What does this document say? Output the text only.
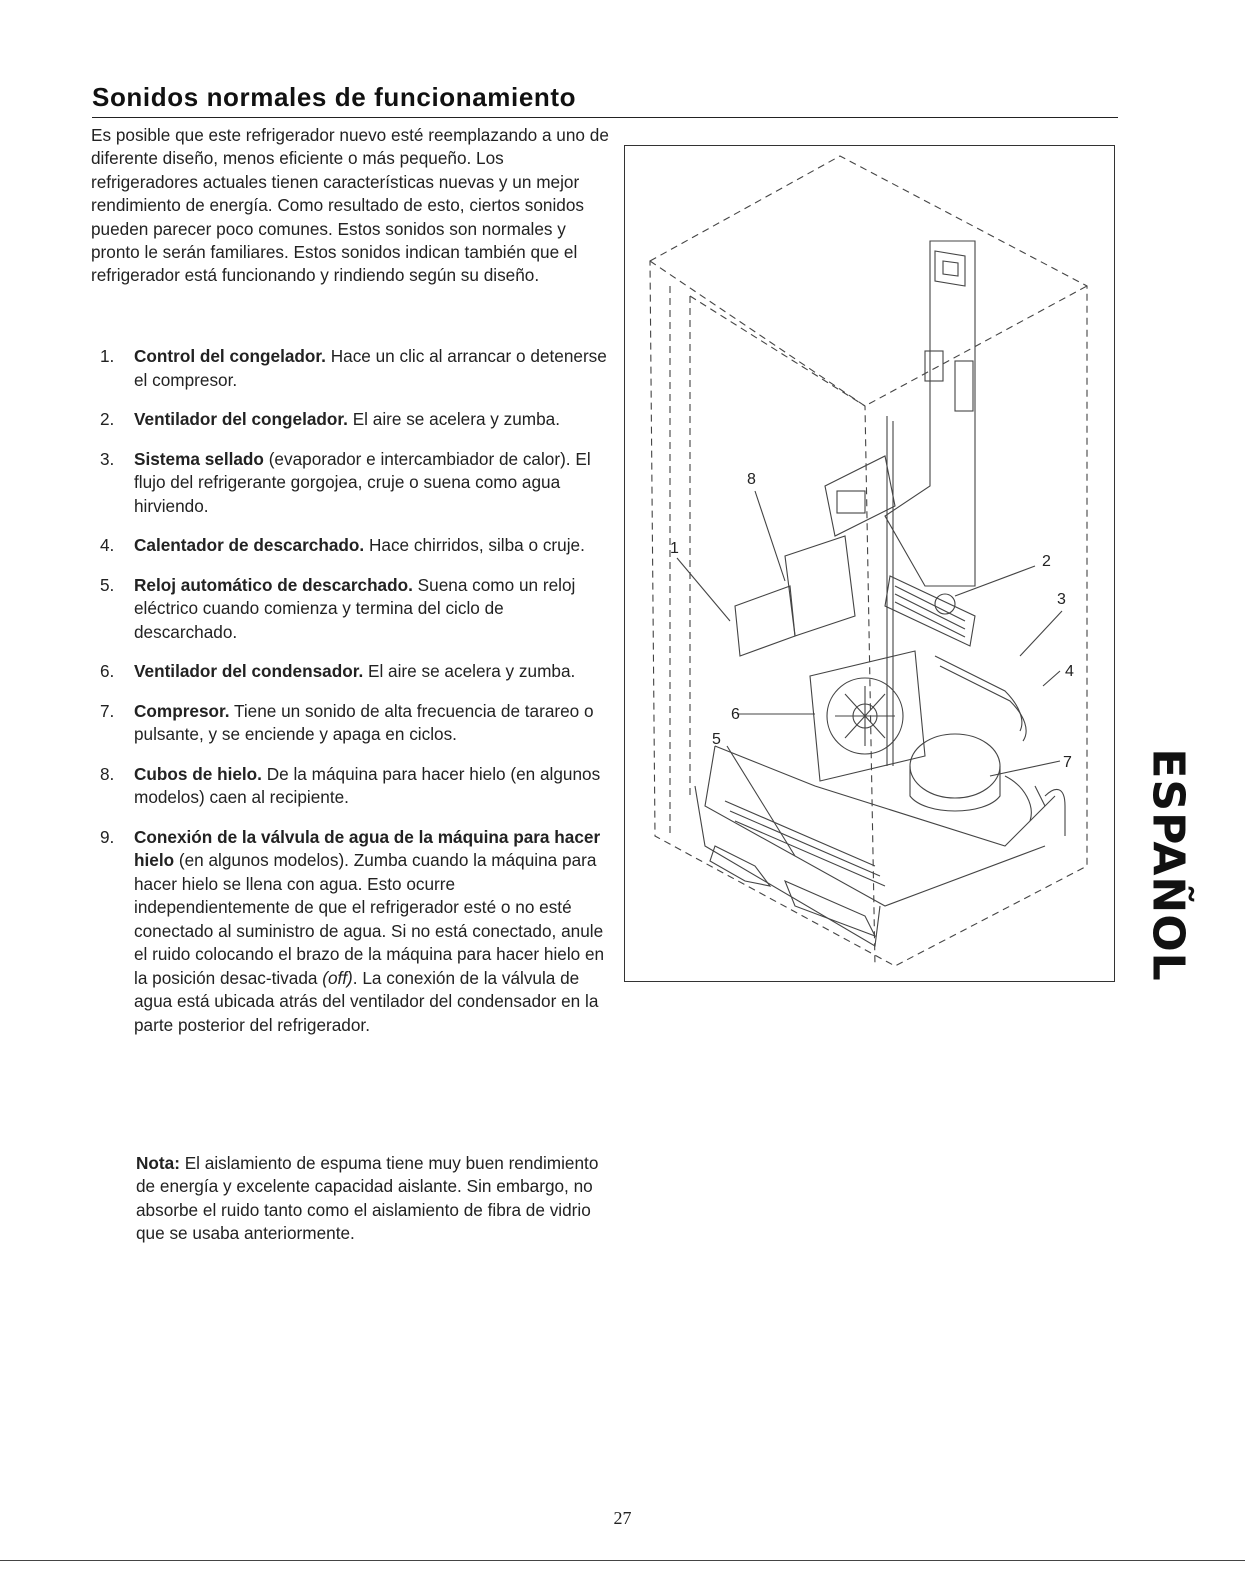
Sonidos normales de funcionamiento

Es posible que este refrigerador nuevo esté reemplazando a uno de diferente diseño, menos eficiente o más pequeño. Los refrigeradores actuales tienen características nuevas y un mejor rendimiento de energía. Como resultado de esto, ciertos sonidos pueden parecer poco comunes. Estos sonidos son normales y pronto le serán familiares. Estos sonidos indican también que el refrigerador está funcionando y rindiendo según su diseño.

1. Control del congelador. Hace un clic al arrancar o detenerse el compresor.
2. Ventilador del congelador. El aire se acelera y zumba.
3. Sistema sellado (evaporador e intercambiador de calor). El flujo del refrigerante gorgojea, cruje o suena como agua hirviendo.
4. Calentador de descarchado. Hace chirridos, silba o cruje.
5. Reloj automático de descarchado. Suena como un reloj eléctrico cuando comienza y termina del ciclo de descarchado.
6. Ventilador del condensador. El aire se acelera y zumba.
7. Compresor. Tiene un sonido de alta frecuencia de tarareo o pulsante, y se enciende y apaga en ciclos.
8. Cubos de hielo. De la máquina para hacer hielo (en algunos modelos) caen al recipiente.
9. Conexión de la válvula de agua de la máquina para hacer hielo (en algunos modelos). Zumba cuando la máquina para hacer hielo se llena con agua. Esto ocurre independientemente de que el refrigerador esté o no esté conectado al suministro de agua. Si no está conectado, anule el ruido colocando el brazo de la máquina para hacer hielo en la posición desac-tivada (off). La conexión de la válvula de agua está ubicada atrás del ventilador del condensador en la parte posterior del refrigerador.

Nota: El aislamiento de espuma tiene muy buen rendimiento de energía y excelente capacidad aislante. Sin embargo, no absorbe el ruido tanto como el aislamiento de fibra de vidrio que se usaba anteriormente.

1
2
3
4
5
6
7
8
ESPAÑOL
27
